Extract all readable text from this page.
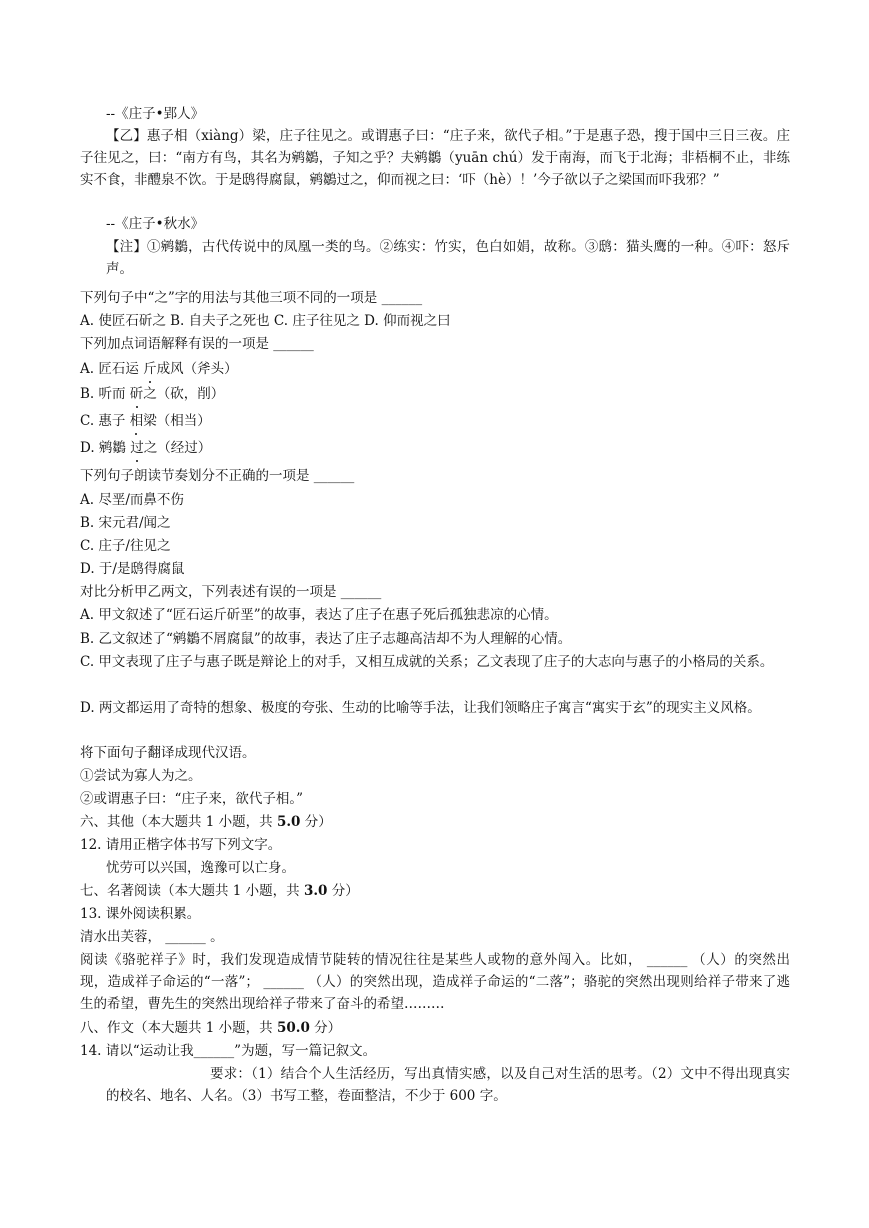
--《庄子•郢人》
【乙】惠子相（xiàng）梁，庄子往见之。或谓惠子曰：“庄子来，欲代子相。”于是惠子恐，搜于国中三日三夜。庄子往见之，曰：“南方有鸟，其名为鹓鶵，子知之乎？夫鹓鶵（yuān chú）发于南海，而飞于北海；非梧桐不止，非练实不食，非醴泉不饮。于是鸱得腐鼠，鹓鶵过之，仰而视之曰：‘吓（hè）！’今子欲以子之梁国而吓我邪？”
--《庄子•秋水》
【注】①鹓鶵，古代传说中的凤凰一类的鸟。②练实：竹实，色白如娟，故称。③鸱：猫头鹰的一种。④吓：怒斥声。
下列句子中“之”字的用法与其他三项不同的一项是 ______
A. 使匠石斫之 B. 自夫子之死也 C. 庄子往见之 D. 仰而视之曰
下列加点词语解释有误的一项是 ______
A. 匠石运 斤成风（斧头）
B. 听而 斫之（砍，削）
C. 惠子 相梁（相当）
D. 鹓鶵 过之（经过）
下列句子朗读节奏划分不正确的一项是 ______
A. 尽垩/而鼻不伤
B. 宋元君/闻之
C. 庄子/往见之
D. 于/是鸱得腐鼠
对比分析甲乙两文，下列表述有误的一项是 ______
A. 甲文叙述了“匠石运斤斫垩”的故事，表达了庄子在惠子死后孤独悲凉的心情。
B. 乙文叙述了“鹓鶵不屑腐鼠”的故事，表达了庄子志趣高洁却不为人理解的心情。
C. 甲文表现了庄子与惠子既是辩论上的对手，又相互成就的关系；乙文表现了庄子的大志向与惠子的小格局的关系。
D. 两文都运用了奇特的想象、极度的夸张、生动的比喻等手法，让我们领略庄子寓言“寓实于玄”的现实主义风格。
将下面句子翻译成现代汉语。
①尝试为寡人为之。
②或谓惠子曰：“庄子来，欲代子相。”
六、其他（本大题共 1 小题，共 5.0 分）
12. 请用正楷字体书写下列文字。
忧劳可以兴国，逸豫可以亡身。
七、名著阅读（本大题共 1 小题，共 3.0 分）
13. 课外阅读积累。
清水出芙蓉， ______ 。
阅读《骆驼祥子》时，我们发现造成情节陡转的情况往往是某些人或物的意外闯入。比如， ______ （人）的突然出现，造成祥子命运的“一落”； ______ （人）的突然出现，造成祥子命运的“二落”；骆驼的突然出现则给祥子带来了逃生的希望，曹先生的突然出现给祥子带来了奋斗的希望………
八、作文（本大题共 1 小题，共 50.0 分）
14. 请以“运动让我______”为题，写一篇记叙文。
要求：（1）结合个人生活经历，写出真情实感，以及自己对生活的思考。（2）文中不得出现真实的校名、地名、人名。（3）书写工整，卷面整洁，不少于 600 字。
